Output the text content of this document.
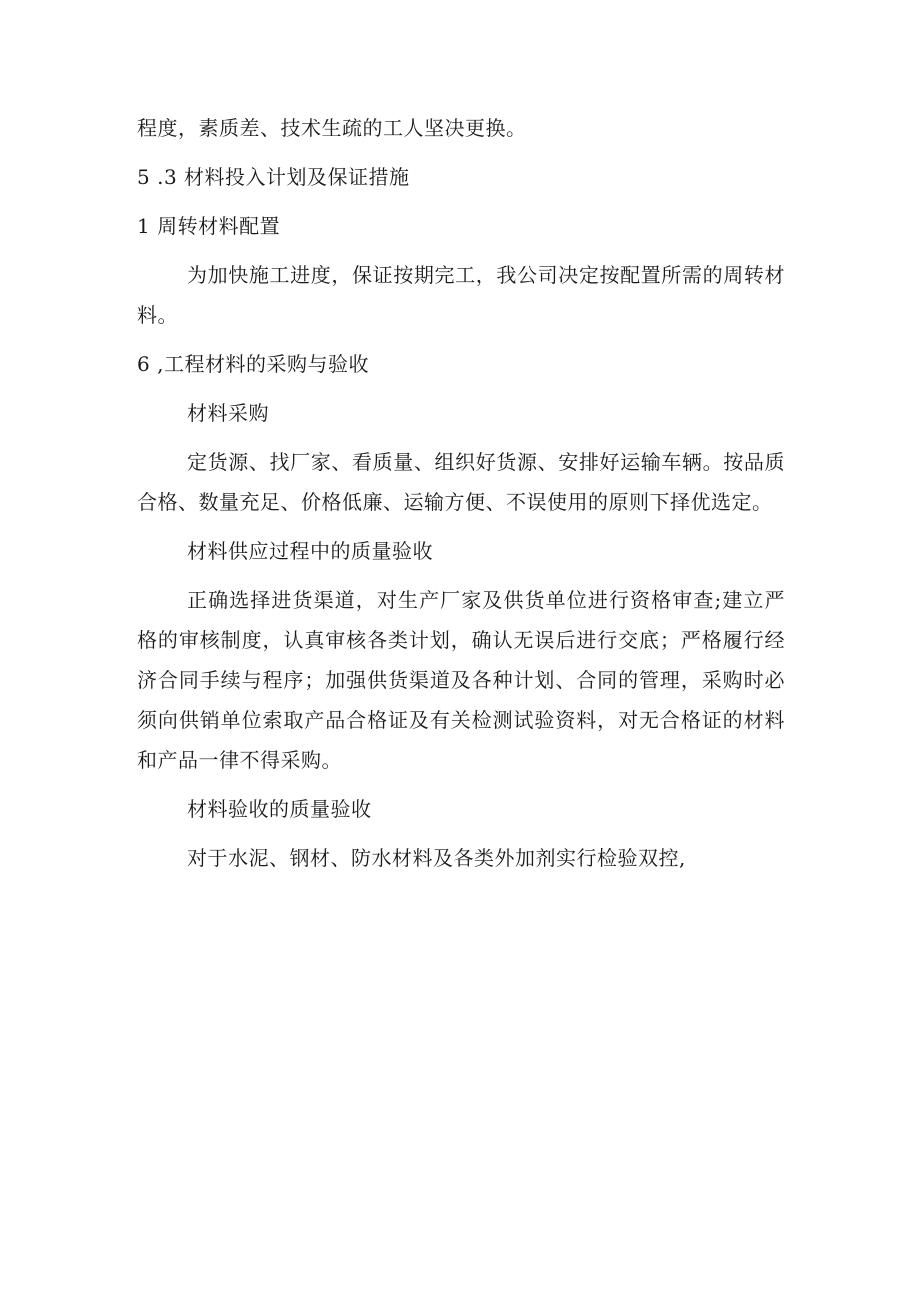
程度，素质差、技术生疏的工人坚决更换。

5 .3 材料投入计划及保证措施

1 周转材料配置

为加快施工进度，保证按期完工，我公司决定按配置所需的周转材料。

6 ,工程材料的采购与验收

材料采购

定货源、找厂家、看质量、组织好货源、安排好运输车辆。按品质合格、数量充足、价格低廉、运输方便、不误使用的原则下择优选定。

材料供应过程中的质量验收

正确选择进货渠道，对生产厂家及供货单位进行资格审查;建立严格的审核制度，认真审核各类计划，确认无误后进行交底；严格履行经济合同手续与程序；加强供货渠道及各种计划、合同的管理，采购时必须向供销单位索取产品合格证及有关检测试验资料，对无合格证的材料和产品一律不得采购。

材料验收的质量验收

对于水泥、钢材、防水材料及各类外加剂实行检验双控,
